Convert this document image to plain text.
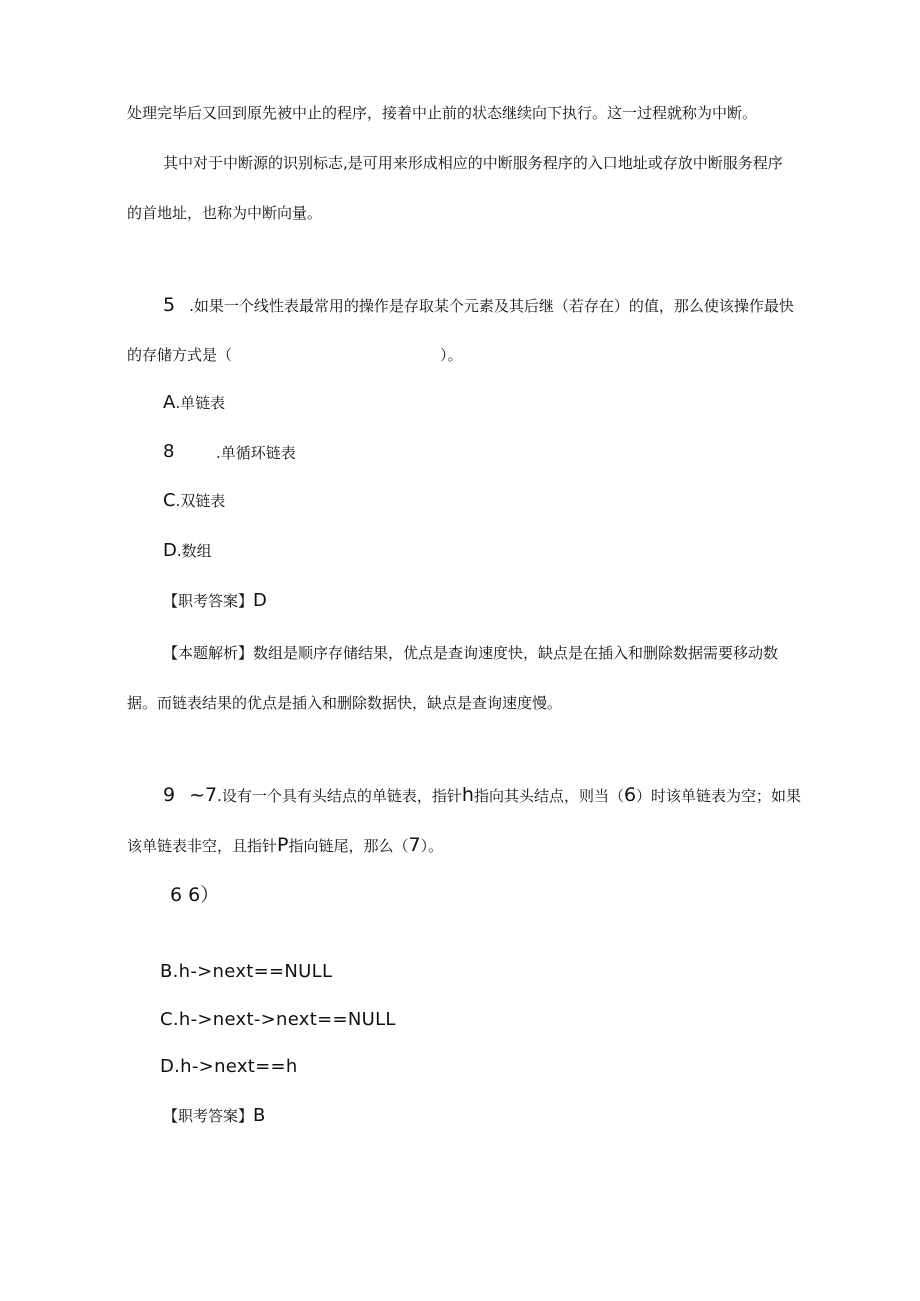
处理完毕后又回到原先被中止的程序，接着中止前的状态继续向下执行。这一过程就称为中断。
其中对于中断源的识别标志,是可用来形成相应的中断服务程序的入口地址或存放中断服务程序
的首地址，也称为中断向量。
5 .如果一个线性表最常用的操作是存取某个元素及其后继（若存在）的值，那么使该操作最快
的存储方式是（	）。
A.单链表
8	.单循环链表
C.双链表
D.数组
【职考答案】D
【本题解析】数组是顺序存储结果，优点是查询速度快，缺点是在插入和删除数据需要移动数
据。而链表结果的优点是插入和删除数据快，缺点是查询速度慢。
9 ~7.设有一个具有头结点的单链表，指针h指向其头结点，则当（6）时该单链表为空；如果
该单链表非空，且指针P指向链尾，那么（7）。
6 6）
B.h->next==NULL
C.h->next->next==NULL
D.h->next==h
【职考答案】B
